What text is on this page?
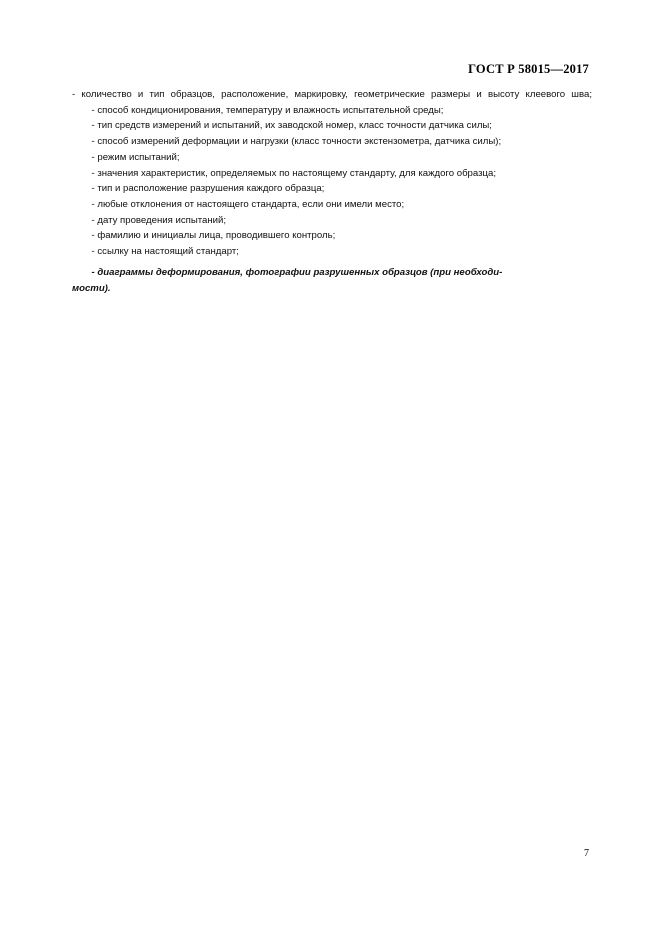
ГОСТ Р 58015—2017

- количество и тип образцов, расположение, маркировку, геометрические размеры и высоту клеевого шва;

- способ кондиционирования, температуру и влажность испытательной среды;

- тип средств измерений и испытаний, их заводской номер, класс точности датчика силы;

- способ измерений деформации и нагрузки (класс точности экстензометра, датчика силы);

- режим испытаний;

- значения характеристик, определяемых по настоящему стандарту, для каждого образца;

- тип и расположение разрушения каждого образца;

- любые отклонения от настоящего стандарта, если они имели место;

- дату проведения испытаний;

- фамилию и инициалы лица, проводившего контроль;

- ссылку на настоящий стандарт;

- диаграммы деформирования, фотографии разрушенных образцов (при необходи-

мости).

7
